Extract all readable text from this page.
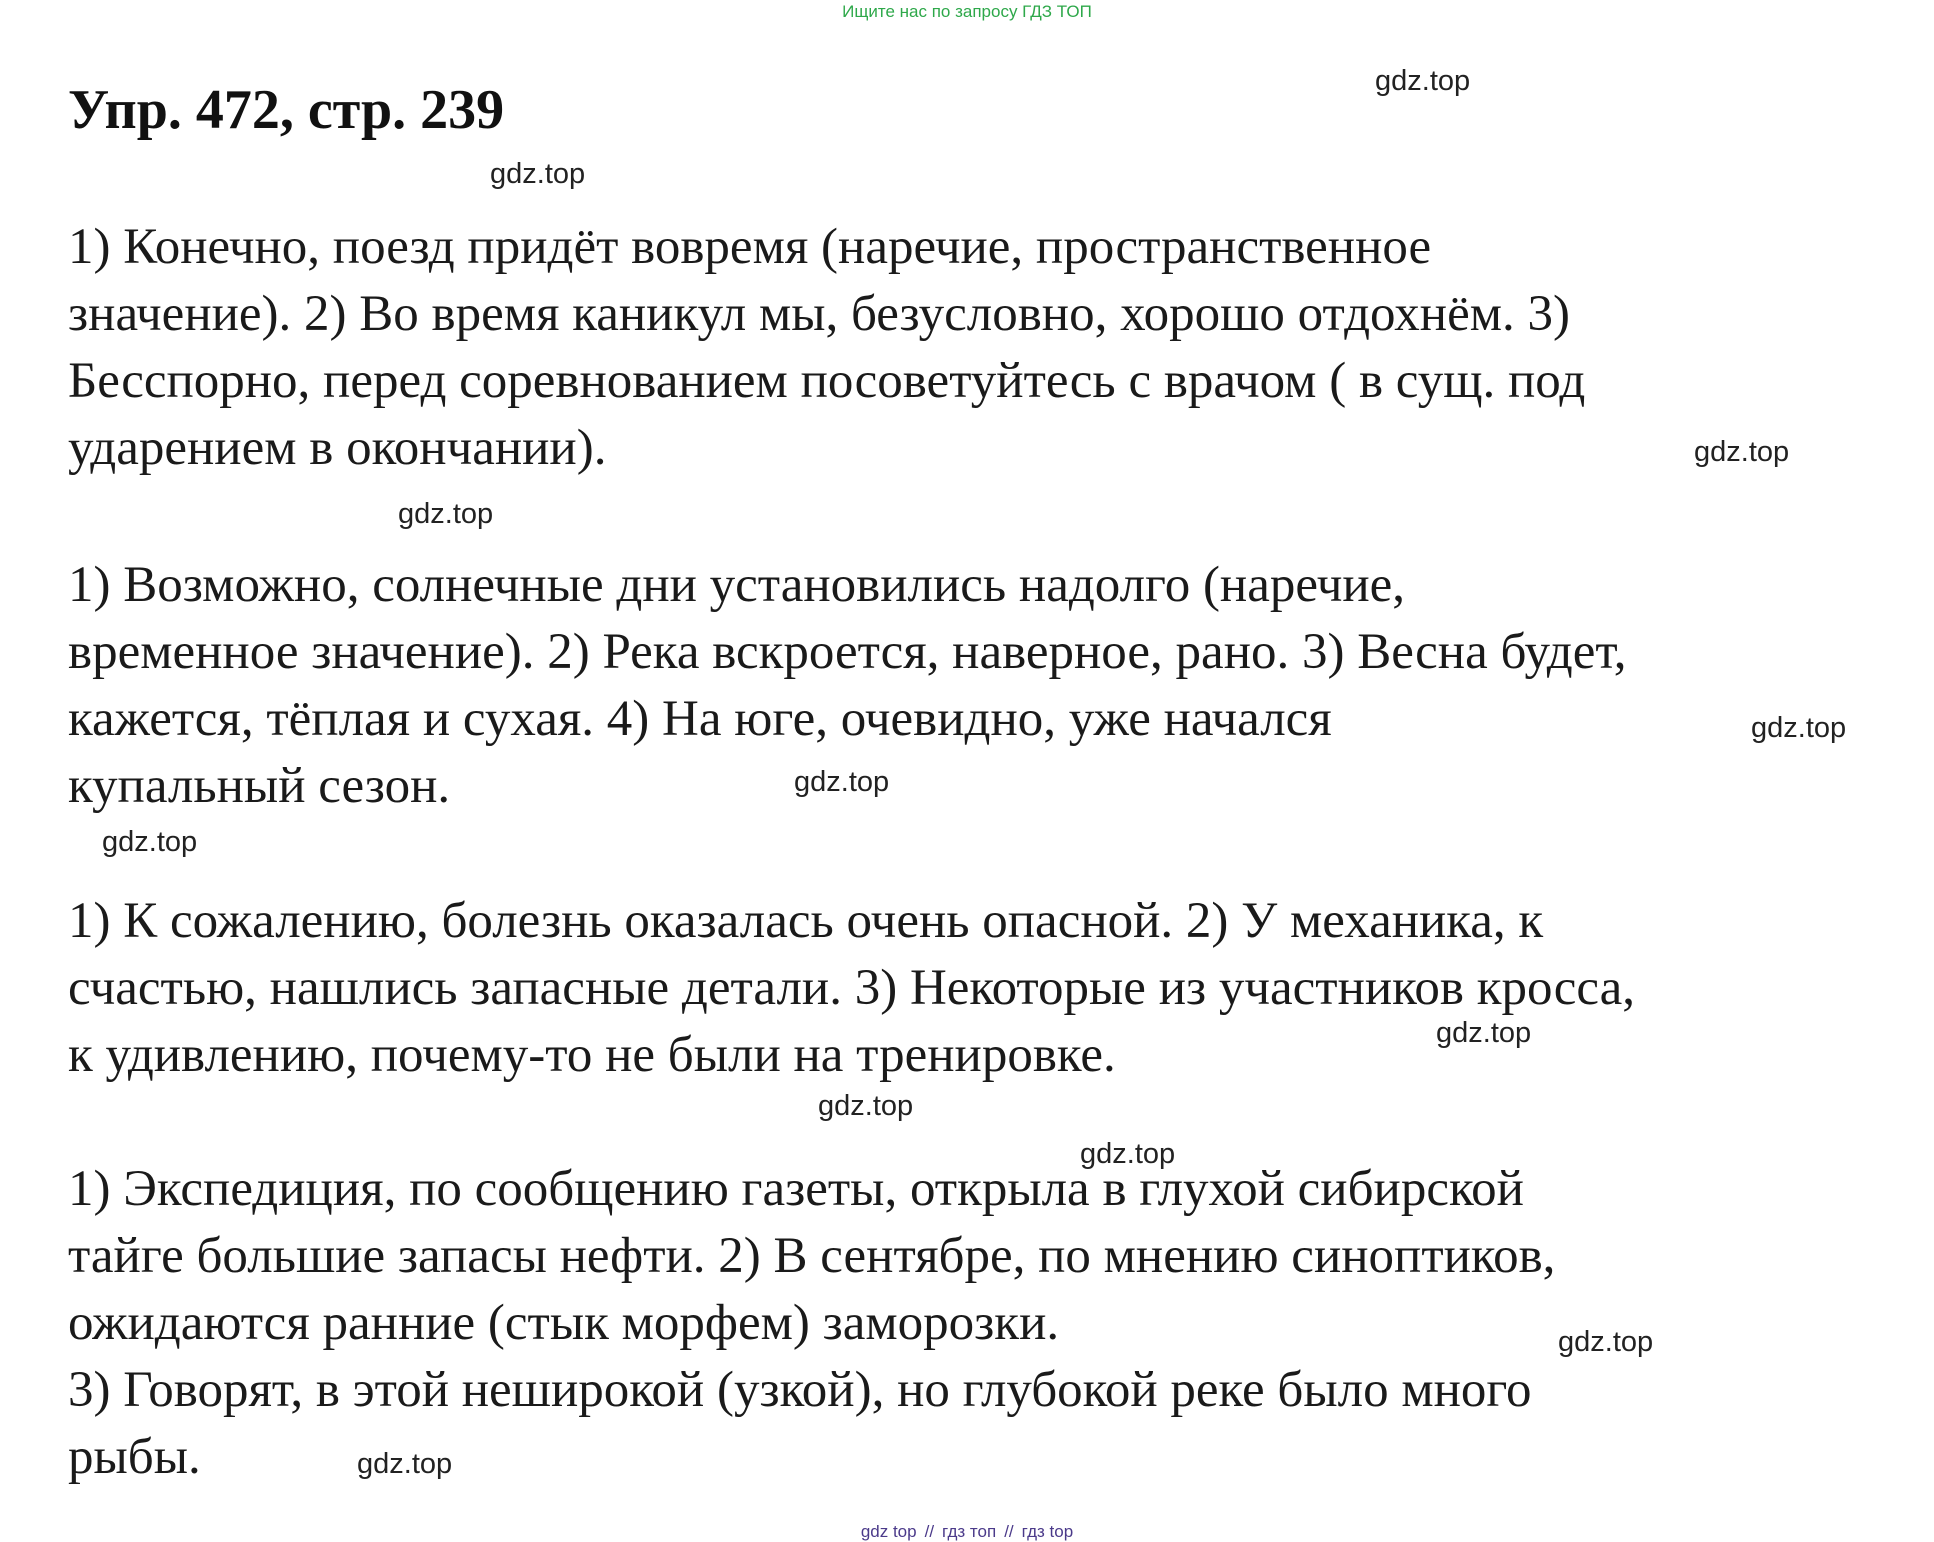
Ищите нас по запросу ГДЗ ТОП
Упр. 472, стр. 239
1) Конечно, поезд придёт вовремя (наречие, пространственное
значение). 2) Во время каникул мы, безусловно, хорошо отдохнём. 3)
Бесспорно, перед соревнованием посоветуйтесь с врачом ( в сущ. под
ударением в окончании).
1) Возможно, солнечные дни установились надолго (наречие,
временное значение). 2) Река вскроется, наверное, рано. 3) Весна будет,
кажется, тёплая и сухая. 4) На юге, очевидно, уже начался
купальный сезон.
1) К сожалению, болезнь оказалась очень опасной. 2) У механика, к
счастью, нашлись запасные детали. 3) Некоторые из участников кросса,
к удивлению, почему-то не были на тренировке.
1) Экспедиция, по сообщению газеты, открыла в глухой сибирской
тайге большие запасы нефти. 2) В сентябре, по мнению синоптиков,
ожидаются ранние (стык морфем) заморозки.
3) Говорят, в этой неширокой (узкой), но глубокой реке было много
рыбы.
gdz.top
gdz.top
gdz.top
gdz.top
gdz.top
gdz.top
gdz.top
gdz.top
gdz.top
gdz.top
gdz.top
gdz.top
gdz top // гдз топ // гдз top
